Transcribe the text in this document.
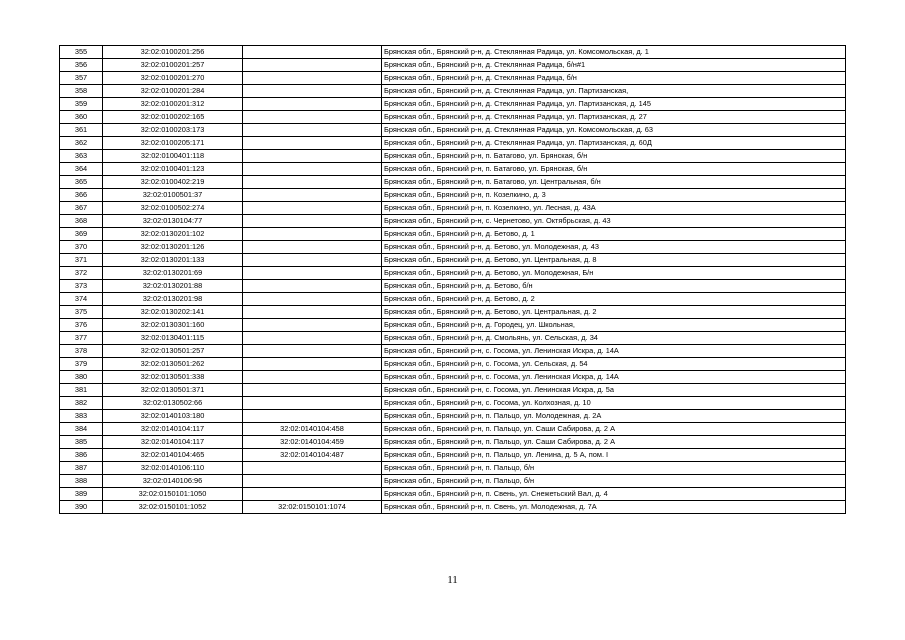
355	32:02:0100201:256		Брянская обл., Брянский р-н, д. Стеклянная Радица, ул. Комсомольская, д. 1
356	32:02:0100201:257		Брянская обл., Брянский р-н, д. Стеклянная Радица, б/н#1
357	32:02:0100201:270		Брянская обл., Брянский р-н, д. Стеклянная Радица, б/н
358	32:02:0100201:284		Брянская обл., Брянский р-н, д. Стеклянная Радица, ул. Партизанская,
359	32:02:0100201:312		Брянская обл., Брянский р-н, д. Стеклянная Радица, ул. Партизанская, д. 145
360	32:02:0100202:165		Брянская обл., Брянский р-н, д. Стеклянная Радица, ул. Партизанская, д. 27
361	32:02:0100203:173		Брянская обл., Брянский р-н, д. Стеклянная Радица, ул. Комсомольская, д. 63
362	32:02:0100205:171		Брянская обл., Брянский р-н, д. Стеклянная Радица, ул. Партизанская, д. 60Д
363	32:02:0100401:118		Брянская обл., Брянский р-н, п. Батагово, ул. Брянская, б/н
364	32:02:0100401:123		Брянская обл., Брянский р-н, п. Батагово, ул. Брянская, б/н
365	32:02:0100402:219		Брянская обл., Брянский р-н, п. Батагово, ул. Центральная, б/н
366	32:02:0100501:37		Брянская обл., Брянский р-н, п. Козелкино, д. 3
367	32:02:0100502:274		Брянская обл., Брянский р-н, п. Козелкино, ул. Лесная, д. 43А
368	32:02:0130104:77		Брянская обл., Брянский р-н, с. Чернетово, ул. Октябрьская, д. 43
369	32:02:0130201:102		Брянская обл., Брянский р-н, д. Бетово, д. 1
370	32:02:0130201:126		Брянская обл., Брянский р-н, д. Бетово, ул. Молодежная, д. 43
371	32:02:0130201:133		Брянская обл., Брянский р-н, д. Бетово, ул. Центральная, д. 8
372	32:02:0130201:69		Брянская обл., Брянский р-н, д. Бетово, ул. Молодежная, Б/н
373	32:02:0130201:88		Брянская обл., Брянский р-н, д. Бетово, б/н
374	32:02:0130201:98		Брянская обл., Брянский р-н, д. Бетово, д. 2
375	32:02:0130202:141		Брянская обл., Брянский р-н, д. Бетово, ул. Центральная, д. 2
376	32:02:0130301:160		Брянская обл., Брянский р-н, д. Городец, ул. Школьная,
377	32:02:0130401:115		Брянская обл., Брянский р-н, д. Смольянь, ул. Сельская, д. 34
378	32:02:0130501:257		Брянская обл., Брянский р-н, с. Госома, ул. Ленинская Искра, д. 14А
379	32:02:0130501:262		Брянская обл., Брянский р-н, с. Госома, ул. Сельская, д. 54
380	32:02:0130501:338		Брянская обл., Брянский р-н, с. Госома, ул. Ленинская Искра, д. 14А
381	32:02:0130501:371		Брянская обл., Брянский р-н, с. Госома, ул. Ленинская Искра, д. 5а
382	32:02:0130502:66		Брянская обл., Брянский р-н, с. Госома, ул. Колхозная, д. 10
383	32:02:0140103:180		Брянская обл., Брянский р-н, п. Пальцо, ул. Молодежная, д. 2А
384	32:02:0140104:117	32:02:0140104:458	Брянская обл., Брянский р-н, п. Пальцо, ул. Саши Сабирова, д. 2 А
385	32:02:0140104:117	32:02:0140104:459	Брянская обл., Брянский р-н, п. Пальцо, ул. Саши Сабирова, д. 2 А
386	32:02:0140104:465	32:02:0140104:487	Брянская обл., Брянский р-н, п. Пальцо, ул. Ленина, д. 5 А, пом. I
387	32:02:0140106:110		Брянская обл., Брянский р-н, п. Пальцо, б/н
388	32:02:0140106:96		Брянская обл., Брянский р-н, п. Пальцо, б/н
389	32:02:0150101:1050		Брянская обл., Брянский р-н, п. Свень, ул. Снежетьский Вал, д. 4
390	32:02:0150101:1052	32:02:0150101:1074	Брянская обл., Брянский р-н, п. Свень, ул. Молодежная, д. 7А
11
